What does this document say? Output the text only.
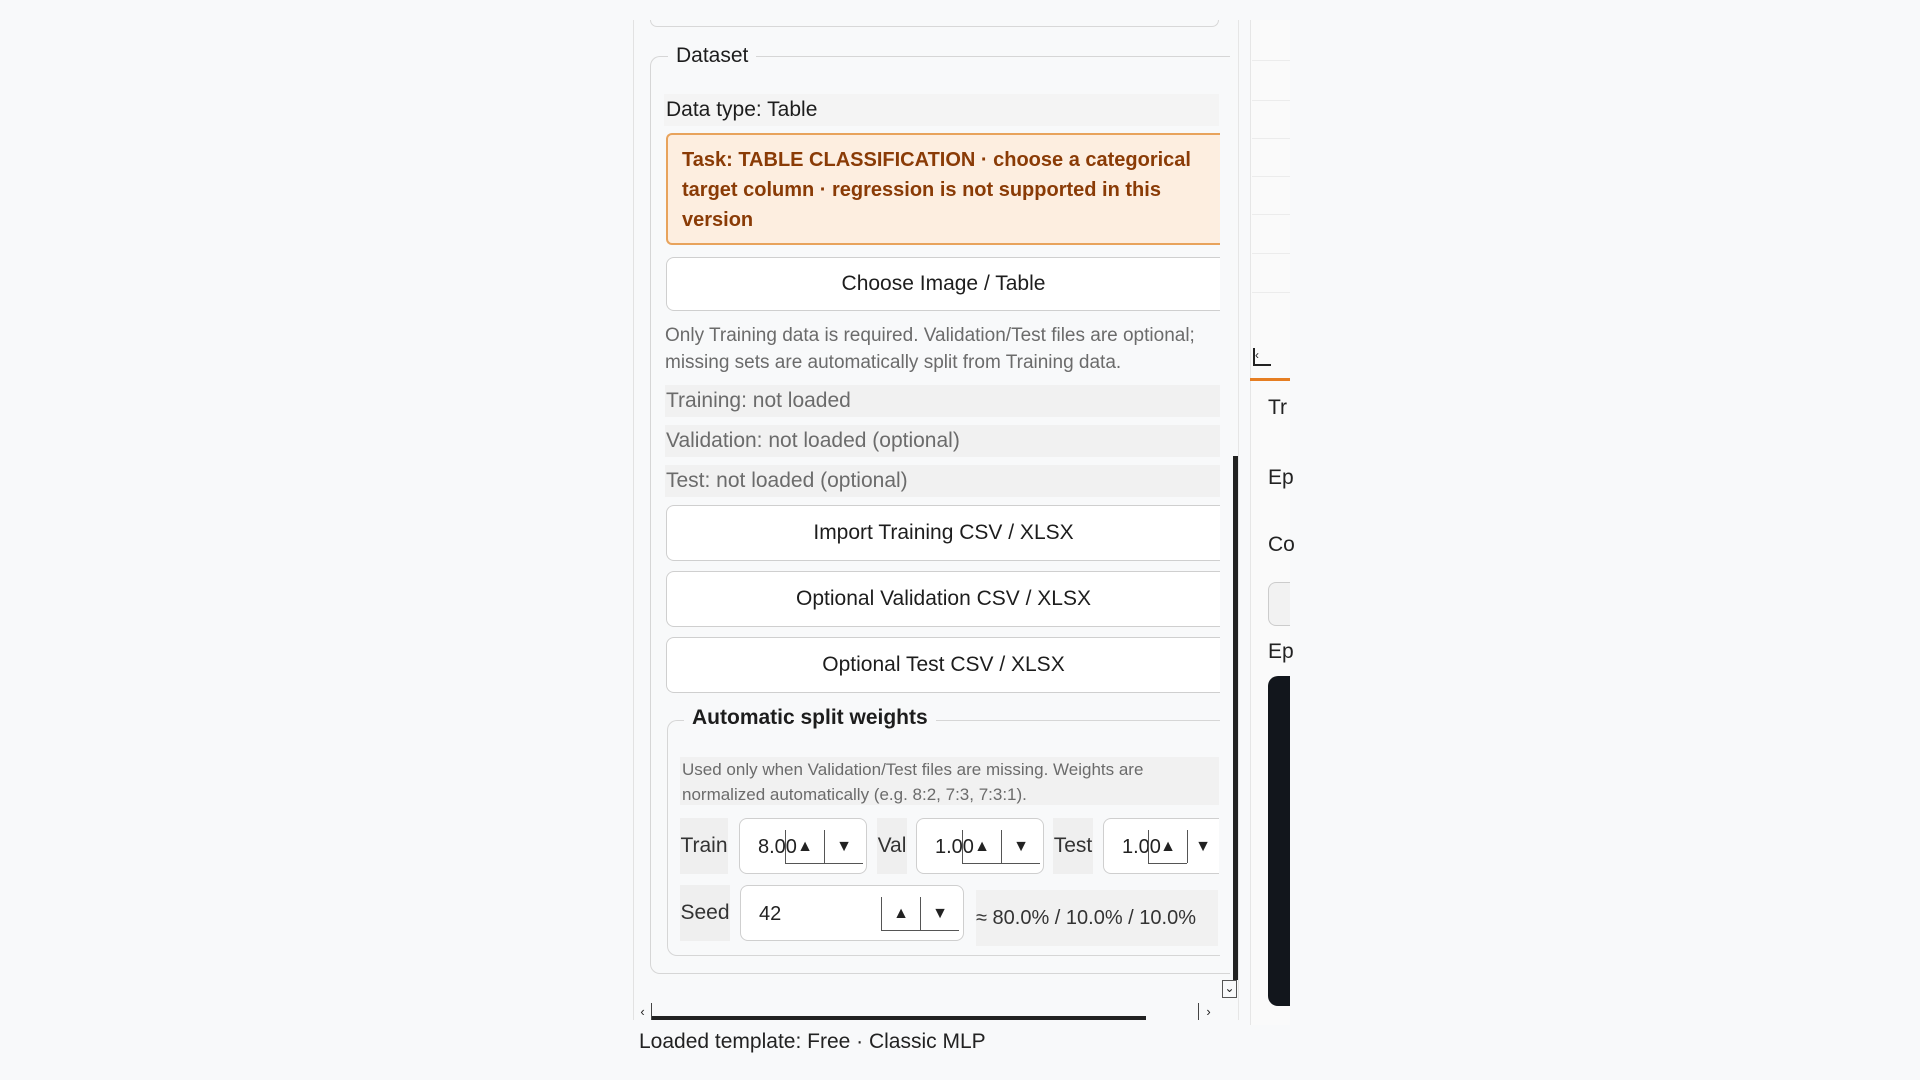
Dataset
Data type: Table
Task: TABLE CLASSIFICATION · choose a categorical target column · regression is not supported in this version
Choose Image / Table
Only Training data is required. Validation/Test files are optional; missing sets are automatically split from Training data.
Training: not loaded
Validation: not loaded (optional)
Test: not loaded (optional)
Import Training CSV / XLSX
Optional Validation CSV / XLSX
Optional Test CSV / XLSX
Automatic split weights
Used only when Validation/Test files are missing. Weights are normalized automatically (e.g. 8:2, 7:3, 7:3:1).
Train 8.00 ▲	▼	Val 1.00 ▲	▼	Test 1.00 ▲	▼
Seed 42	▲	▼	≈ 80.0% / 10.0% / 10.0%
⌄
‹	›
Loaded template: Free · Classic MLP
‹
Tr
Ep
Co
Ep
